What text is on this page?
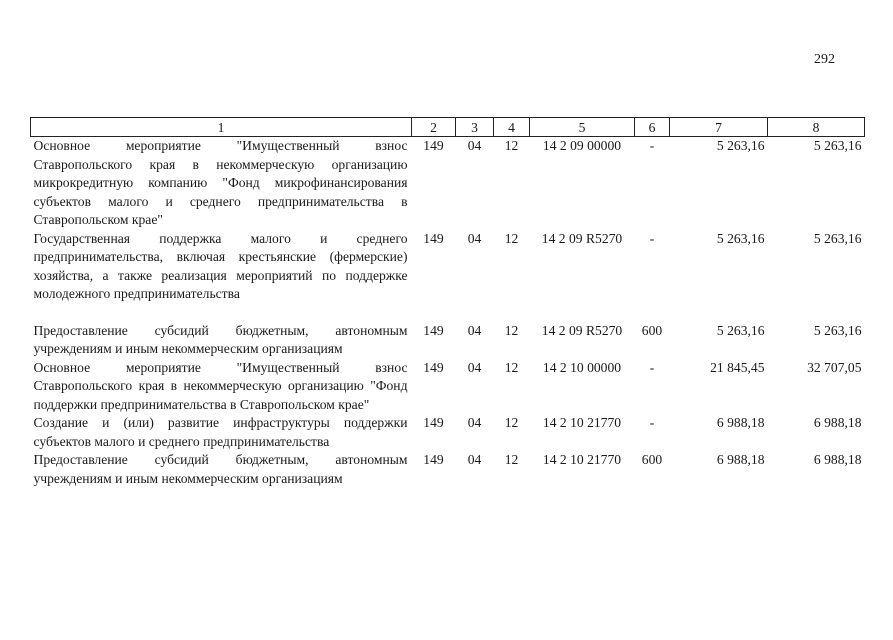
292
1	2	3	4	5	6	7	8
Основное мероприятие "Имущественный взнос Ставропольского края в некоммерческую организацию микрокредитную компанию "Фонд микрофинансирования субъектов малого и среднего предпринимательства в Ставропольском крае"	149	04	12	14 2 09 00000	-	5 263,16	5 263,16
Государственная поддержка малого и среднего предпринимательства, включая крестьянские (фермерские) хозяйства, а также реализация мероприятий по поддержке молодежного предпринимательства	149	04	12	14 2 09 R5270	-	5 263,16	5 263,16
Предоставление субсидий бюджетным, автономным учреждениям и иным некоммерческим организациям	149	04	12	14 2 09 R5270	600	5 263,16	5 263,16
Основное мероприятие "Имущественный взнос Ставропольского края в некоммерческую организацию "Фонд поддержки предпринимательства в Ставропольском крае"	149	04	12	14 2 10 00000	-	21 845,45	32 707,05
Создание и (или) развитие инфраструктуры поддержки субъектов малого и среднего предпринимательства	149	04	12	14 2 10 21770	-	6 988,18	6 988,18
Предоставление субсидий бюджетным, автономным учреждениям и иным некоммерческим организациям	149	04	12	14 2 10 21770	600	6 988,18	6 988,18
